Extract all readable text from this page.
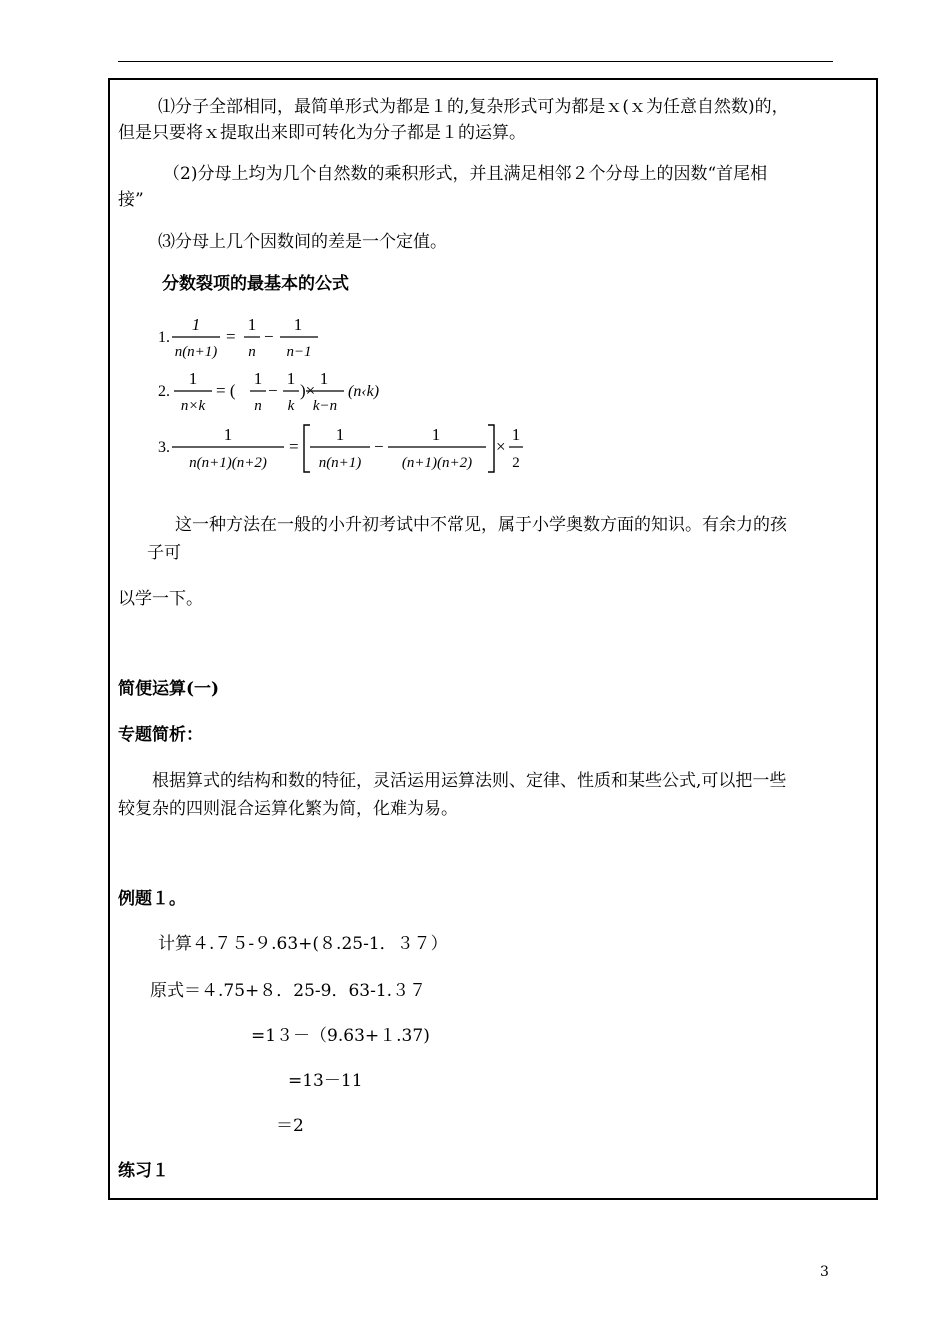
⑴分子全部相同，最简单形式为都是１的,复杂形式可为都是ｘ(ｘ为任意自然数)的，
但是只要将ｘ提取出来即可转化为分子都是１的运算。
（2)分母上均为几个自然数的乘积形式，并且满足相邻２个分母上的因数“首尾相
接”
⑶分母上几个因数间的差是一个定值。
分数裂项的最基本的公式
1.
1
n(n+1)
=
1
n
−
1
n−1
2.
1
n×k
= (
1
n
−
1
k
)×
1
k−n
(n‹k)
3.
1
n(n+1)(n+2)
=
1
n(n+1)
−
1
(n+1)(n+2)
×
1
2
这一种方法在一般的小升初考试中不常见，属于小学奥数方面的知识。有余力的孩
子可
以学一下。
简便运算(一)
专题简析：
根据算式的结构和数的特征，灵活运用运算法则、定律、性质和某些公式,可以把一些
较复杂的四则混合运算化繁为简，化难为易。
例题１。
计算４.７５-９.63+(８.25-1．３７）
原式＝４.75+８．25-9．63-1.３７
=1３－（9.63+１.37)
=13－11
＝2
练习１
3
